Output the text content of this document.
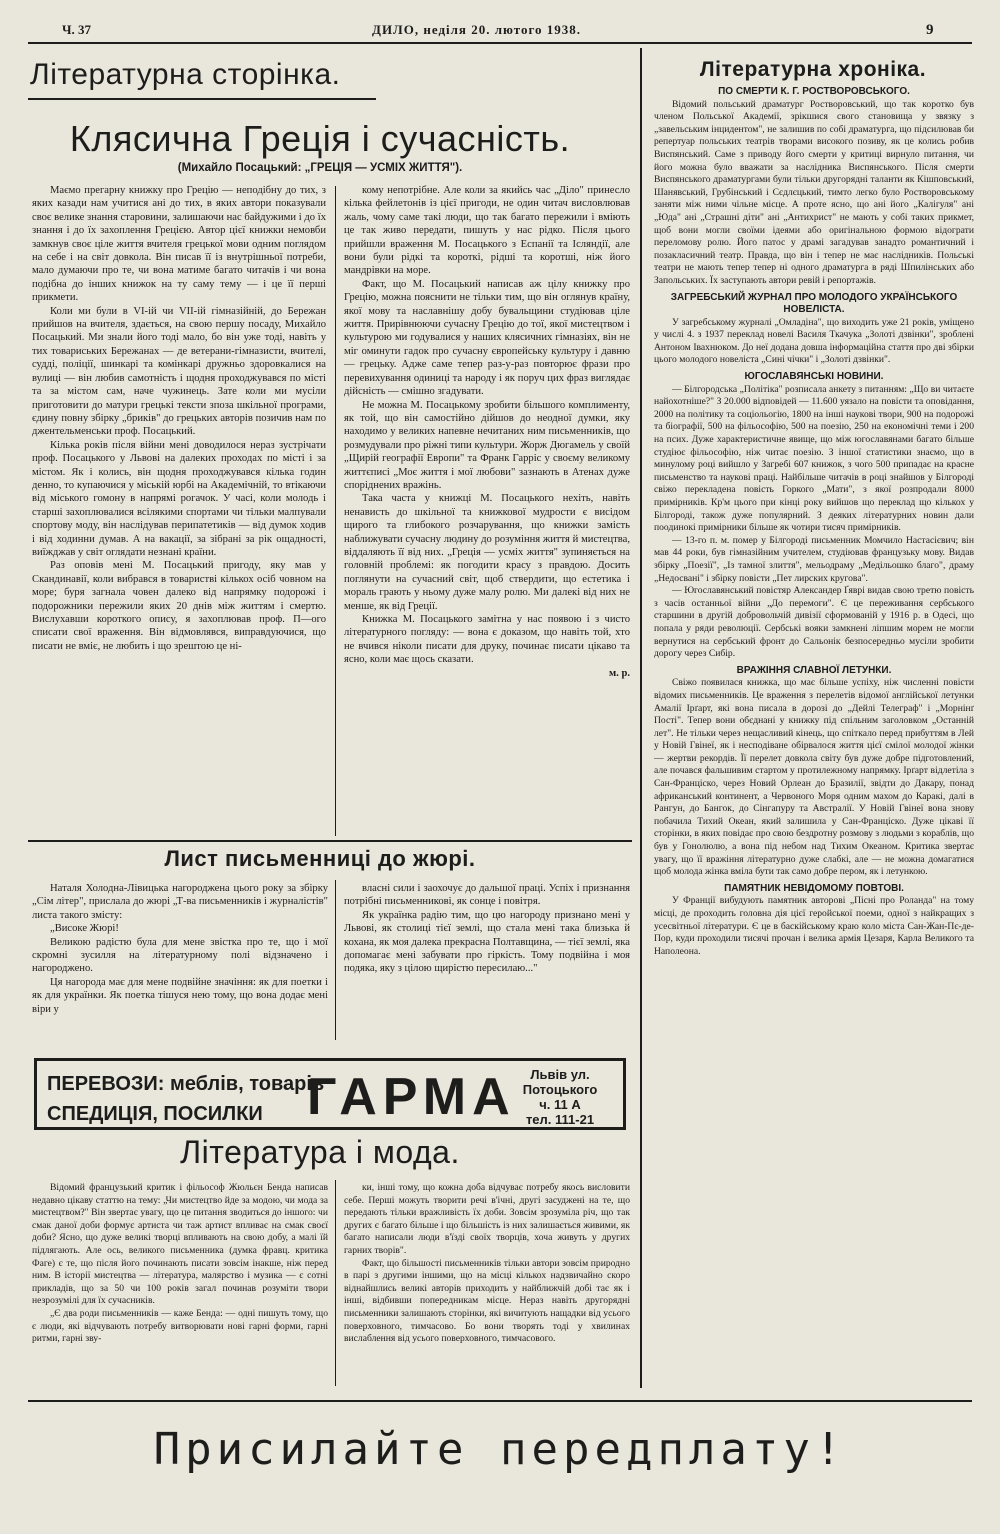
Ч. 37	ДИЛО, неділя 20. лютого 1938.	9
Літературна сторінка.
Клясична Греція і сучасність.
(Михайло Посацький: „ГРЕЦІЯ — УСМІХ ЖИТТЯ").

Маємо прегарну книжку про Грецію — неподібну до тих, з яких казади нам учитися ані до тих, в яких автори показували своє велике знання старовини, залишаючи нас байдужими і до їх знання і до їх захоплення Грецією. Автор цієї книжки немовби замкнув своє ціле життя вчителя грецької мови одним поглядом на себе і на світ довкола. Він писав її із внутрішньої потреби, мало думаючи про те, чи вона матиме багато читачів і чи вона подібна до інших книжок на ту саму тему — і це її перші прикмети.

Коли ми були в VI-ій чи VII-ій гімназійній, до Бережан прийшов на вчителя, здається, на свою першу посаду, Михайло Посацький. Ми знали його тоді мало, бо він уже тоді, навіть у тих товариських Бережанах — де ветерани-гімназисти, вчителі, судді, поліції, шинкарі та комінкарі дружньо здоровкалися на вулиці — він любив самотність і щодня проходжувався по місті та за містом сам, наче чужинець. Зате коли ми мусіли приготовити до матури грецькі тексти зпоза шкільної програми, єдину повну збірку „бриків" до грецьких авторів позичив нам по джентельменськи проф. Посацький.

Кілька років після війни мені доводилося нераз зустрічати проф. Посацького у Львові на далеких проходах по місті і за містом. Як і колись, він щодня проходжувався кілька годин денно, то купаючися у міській юрбі на Академічній, то втікаючи від міського гомону в напрямі рогачок. У часі, коли молодь і старші захоплювалися всілякими спортами чи тільки малпували спортову моду, він наслідував перипатетиків — від думок ходив і від ходинни думав. А на вакації, за зібрані за рік ощадності, виїжджав у світ оглядати незнані країни.

Раз оповів мені М. Посацький пригоду, яку мав у Скандинавії, коли вибрався в товаристві кількох осіб човном на море; буря загнала човен далеко від напрямку подорожі і подорожники пережили яких 20 днів між життям і смертю. Вислухавши короткого опису, я захоплював проф. П—ого списати свої враження. Він відмовлявся, виправдуючися, що писати не вміє, не любить і що зрештою це ні-

кому непотрібне. Але коли за якийсь час „Діло" принесло кілька фейлетонів із цієї пригоди, не один читач висловлював жаль, чому саме такі люди, що так багато пережили і вміють це так живо передати, пишуть у нас рідко. Після цього прийшли враження М. Посацького з Еспанії та Ісляндії, але вони були рідкі та короткі, рідші та коротші, ніж його мандрівки на море.

Факт, що М. Посацький написав аж цілу книжку про Грецію, можна пояснити не тільки тим, що він оглянув країну, якої мову та наславнішу добу бувальщини студіював ціле життя. Прирівнюючи сучасну Грецію до тої, якої мистецтвом і культурою ми годувалися у наших клясичних гімназіях, він не міг оминути гадок про сучасну європейську культуру і давню — грецьку. Адже саме тепер раз-у-раз повторює фрази про перевихування одиниці та народу і як поруч цих фраз виглядає дійсність — смішно згадувати.

Не можна М. Посацькому зробити більшого комплименту, як той, що він самостійно дійшов до неодної думки, яку находимо у великих напевне нечитаних ним письменників, що розмудували про ріжні типи культури. Жорж Дюгамель у своїй „Щирій географії Европи" та Франк Гарріс у своєму великому життєписі „Моє життя і мої любови" зазнають в Атенах дуже споріднених вражінь.

Така часта у книжці М. Посацького нехіть, навіть ненависть до шкільної та книжкової мудрости є висідом щирого та глибокого розчарування, що книжки замість наближувати сучасну людину до розуміння життя й мистецтва, віддаляють її від них. „Греція — усміх життя" зупиняється на головній проблемі: як погодити красу з правдою. Досить поглянути на сучасний світ, щоб ствердити, що естетика і мораль грають у ньому дуже малу ролю. Ми далекі від них не менше, як від Греції.

Книжка М. Посацького замітна у нас появою і з чисто літературного погляду: — вона є доказом, що навіть той, хто не вчився ніколи писати для друку, починає писати цікаво та ясно, коли має щось сказати.

м. р.
Лист письменниці до жюрі.

Наталя Холодна-Лівицька нагороджена цього року за збірку „Сім літер", прислала до жюрі „Т-ва письменників і журналістів" листа такого змісту:

„Високе Жюрі!

Великою радістю була для мене звістка про те, що і мої скромні зусилля на літературному полі відзначено і нагороджено.

Ця нагорода має для мене подвійне значіння: як для поетки і як для українки. Як поетка тішуся нею тому, що вона додає мені віри у

власні сили і заохочує до дальшої праці. Успіх і признання потрібні письменникові, як сонце і повітря.

Як українка радію тим, що цю нагороду признано мені у Львові, як столиці тієї землі, що стала мені така близька й кохана, як моя далека прекрасна Полтавщина, — тієї землі, яка допомагає мені забувати про гіркість. Тому подвійна і моя подяка, яку з цілою щирістю пересилаю..."

ПЕРЕВОЗИ: меблів, товарів
СПЕДИЦІЯ, ПОСИЛКИ ГАРМА	Львів ул.
Потоцького
ч. 11 А
тел. 111-21
Література і мода.

Відомий французький критик і фільософ Жюльєн Бенда написав недавно цікаву статтю на тему: „Чи мистецтво йде за модою, чи мода за мистецтвом?" Він звертає увагу, що це питання зводиться до іншого: чи смак даної доби формує артиста чи таж артист впливає на смак своєї доби? Ясно, що дуже великі творці впливають на свою добу, а малі їй підлягають. Але ось, великого письменника (думка фравц. критика Фаге) є те, що після його починають писати зовсім інакше, ніж перед ним. В історії мистецтва — література, малярство і музика — є сотні прикладів, що за 50 чи 100 років загал починав розуміти твори незрозумілі для їх сучасників.

„Є два роди письменників — каже Бенда: — одні пишуть тому, що є люди, які відчувають потребу витворювати нові гарні форми, гарні ритми, гарні зву-

ки, інші тому, що кожна доба відчуває потребу якось висловити себе. Перші можуть творити речі в'ічні, другі засуджені на те, що передають тільки вражливість їх доби. Зовсім зрозуміла річ, що так других є багато більше і що більшість із них залишається живими, як багато написали люди в'їзді своїх творців, хоча живуть у других гарних творів".

Факт, що більшості письменників тільки автори зовсім природно в парі з другими іншими, що на місці кількох надзвичайно скоро віднайшлись великі авторів приходить у найближчій добі тає як і інші, відбивши попередникам місце. Нераз навіть другорядні письменники залишають сторінки, які вичитують нащадки від усього поверховного, тимчасово. Бо вони творять тоді у хвилинах вислаблення від усього поверховного, тимчасового.

Літературна хроніка.
ПО СМЕРТИ К. Г. РОСТВОРОВСЬКОГО.

Відомий польський драматург Ростворовський, що так коротко був членом Польської Академії, зрікшися свого становища у звязку з „завельським інцидентом", не залишив по собі драматурга, що підсилював би репертуар польських театрів творами високого позиву, як це колись робив Виспянський. Саме з приводу його смерти у критиці вирнуло питання, чи його можна було вважати за наслідника Виспянського. Після смерти Виспянського драматургами були тільки другорядні таланти як Кішповський, Шанявський, Грубінський і Сєдлєцький, тимто легко було Ростворовському заняти між ними чільне місце. А проте ясно, що ані його „Калігуля" ані „Юда" ані „Страшні діти" ані „Антихрист" не мають у собі таких прикмет, щоб вони могли своїми ідеями або оригінальною формою відограти переломову ролю. Його патос у драмі загадував занадто романтичний і позакласичний театр. Правда, що він і тепер не має наслідників. Польські театри не мають тепер тепер ні одного драматурга в ряді Шпилінських або Запольських. Їх заступають автори ревій і репортажів.

ЗАГРЕБСЬКИЙ ЖУРНАЛ ПРО МОЛОДОГО УКРАЇНСЬКОГО НОВЕЛІСТА.

У загребському журналі „Омладіна", що виходить уже 21 років, уміщено у числі 4. з 1937 переклад новелі Василя Ткачука „Золоті дзвінки", зроблені Антоном Івахнюком. До неї додана довша інформаційна стаття про дві збірки цього молодого новеліста „Сині чічки" і „Золоті дзвінки".

ЮГОСЛАВЯНСЬКІ НОВИНИ.

— Білгородська „Політіка" розписала анкету з питанням: „Що ви читаєте найохотніше?" З 20.000 відповідей — 11.600 уязало на повісти та оповідання, 2000 на політику та соціольогію, 1800 на інші наукові твори, 900 на подорожі та біографії, 500 на фільософію, 500 на поезію, 250 на економічні теми і 200 на псих. Дуже характеристичне явище, що між югославянами багато більше студіює фільософію, ніж читає поезію. З іншої статистики знаємо, що в минулому році вийшло у Загребі 607 книжок, з чого 500 припадає на красне письменство та наукові праці. Найбільше читачів в році знайшов у Білгороді свіжо перекладена повість Горкого „Мати", з якої розпродали 8000 примірників. Кр'м цього при кінці року вийшов що переклад що кількох у Білгороді, також дуже популярний. З деяких літературних новин дали поодинокі примірники більше як чотири тисяч примірників.

— 13-го п. м. помер у Білгороді письменник Момчило Настасієвич; він мав 44 роки, був гімназійним учителем, студіював французьку мову. Видав збірку „Поезії", „Із тамної злиття", мельодраму „Медільошко благо", драму „Недосвані" і збірку повісти „Пет лирских кругова".

— Югославянський повістяр Александер Ґяврі видав свою третю повість з часів останньої війни „До перемоги". Є це переживання сербського старшини в другій добровольчій дивізії сформованій у 1916 р. в Одесі, що попала у ряди революції. Сербські вояки замкнені ліпшим морем не могли вернутися на сербський фронт до Сальонік безпосередньо мусіли зробити дорогу через Сибір.

ВРАЖІННЯ СЛАВНОЇ ЛЕТУНКИ.

Свіжо появилася книжка, що має більше успіху, ніж численні повісти відомих письменників. Це враження з перелетів відомої англійської летунки Амалії Ірґарт, які вона писала в дорозі до „Дейлі Телеграф" і „Морнінґ Пості". Тепер вони обєднані у книжку під спільним заголовком „Останній лет". Не тільки через нещасливий кінець, що спіткало перед прибуттям в Лей у Новій Гвінеї, як і несподіване обірвалося життя цієї смілої молодої жінки — жертви рекордів. Її перелет довкола світу був дуже добре підготовлений, але почався фальшивим стартом у протилежному напрямку. Ірґарт відлетіла з Сан-Франціско, через Новий Орлеан до Бразилії, звідти до Дакару, понад африканський континент, а Червоного Моря одним махом до Каракі, далі в Рангун, до Бангок, до Сінгапуру та Австралії. У Новій Гвінеї вона знову побачила Тихий Океан, який залишила у Сан-Франціско. Дуже цікаві її сторінки, в яких повідає про свою бездротну розмову з людьми з кораблів, що був у Гонолюлю, а вона під небом над Тихим Океаном. Критика звертає увагу, що її вражіння літературно дуже слабкі, але — не можна домагатися щоб молода жінка вміла бути так само добре пером, як і летункою.

ПАМЯТНИК НЕВІДОМОМУ ПОВТОВІ.

У Франції вибудують памятник авторові „Пісні про Роланда" на тому місці, де проходить головна дія цієї геройської поеми, одної з найкращих з усесвітньої літератури. Є це в баскійському краю коло міста Сан-Жан-Пє-де-Пор, куди проходили тисячі прочан і велика армія Цезаря, Карла Великого та Наполеона.

Присилайте передплату!
